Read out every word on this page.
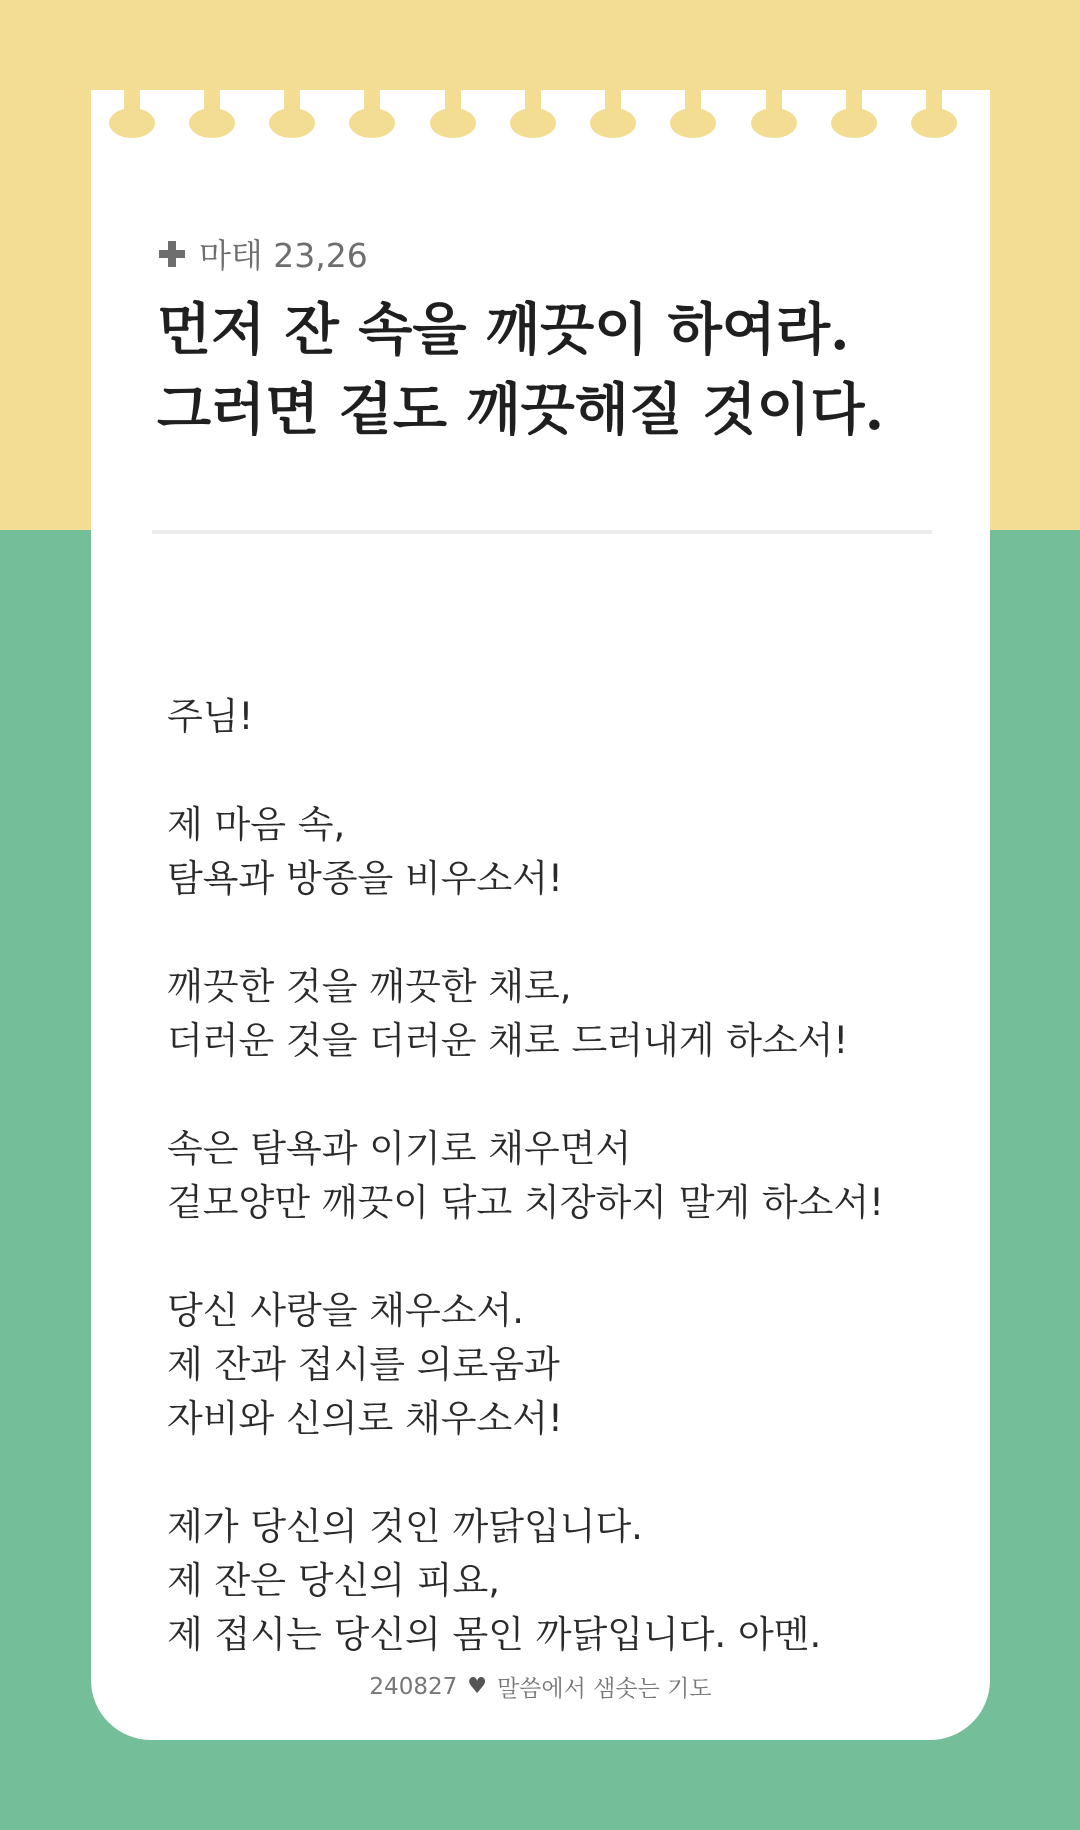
마태 23,26
먼저 잔 속을 깨끗이 하여라.
그러면 겉도 깨끗해질 것이다.
주님!
제 마음 속,
탐욕과 방종을 비우소서!
깨끗한 것을 깨끗한 채로,
더러운 것을 더러운 채로 드러내게 하소서!
속은 탐욕과 이기로 채우면서
겉모양만 깨끗이 닦고 치장하지 말게 하소서!
당신 사랑을 채우소서.
제 잔과 접시를 의로움과
자비와 신의로 채우소서!
제가 당신의 것인 까닭입니다.
제 잔은 당신의 피요,
제 접시는 당신의 몸인 까닭입니다. 아멘.
240827 ♥ 말씀에서 샘솟는 기도
